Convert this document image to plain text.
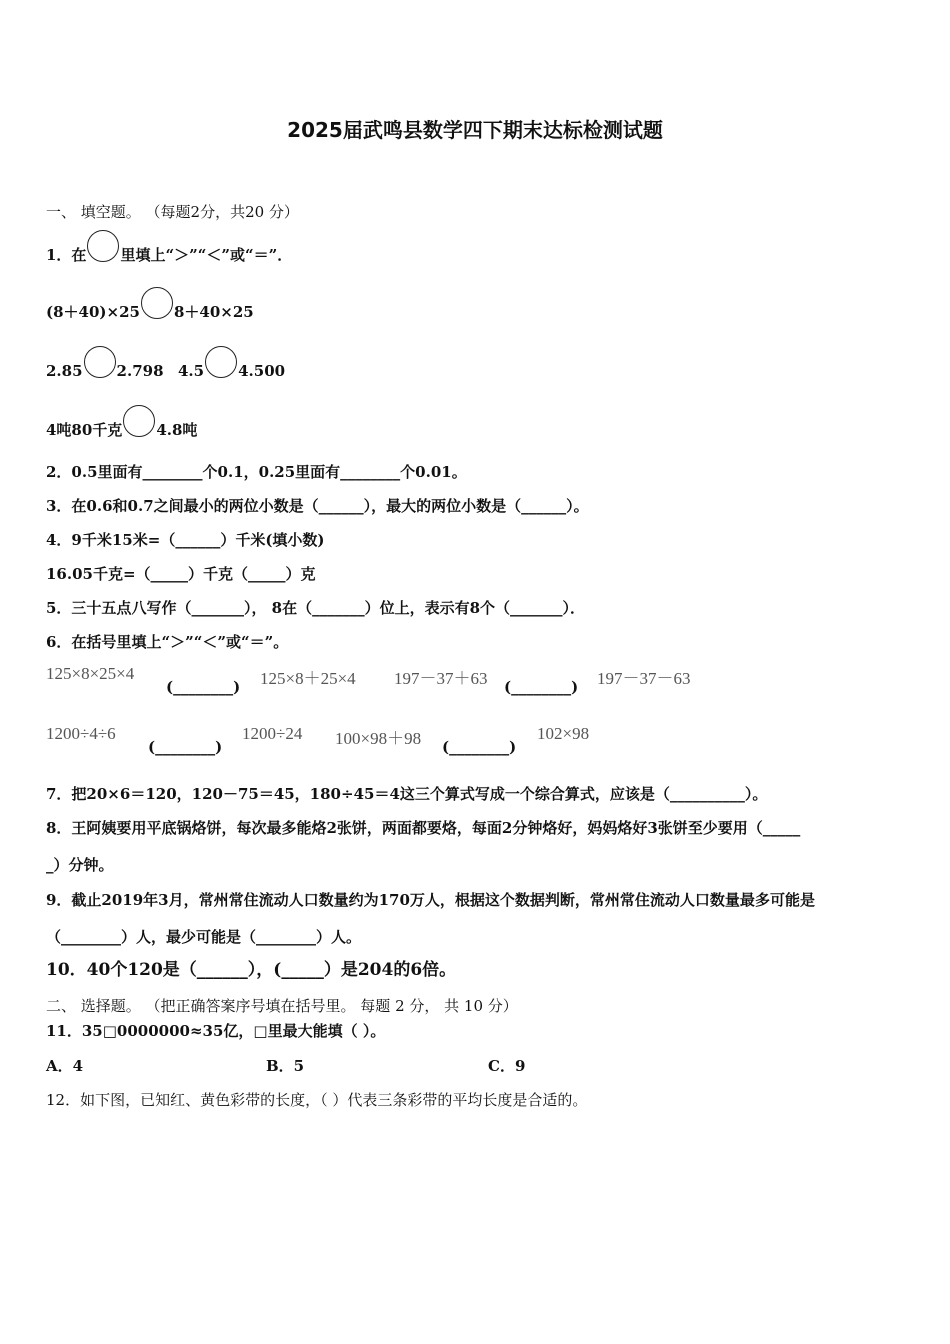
2025届武鸣县数学四下期末达标检测试题
一、 填空题。 （每题2分，共20 分）
1．在 里填上“＞”“＜”或“＝”．
(8＋40)×25 8＋40×25
2.85 2.798 4.5 4.500
4吨80千克 4.8吨
2．0.5里面有________个0.1，0.25里面有________个0.01。
3．在0.6和0.7之间最小的两位小数是（______），最大的两位小数是（______）。
4．9千米15米=（______）千米(填小数)
16.05千克=（_____）千克（_____）克
5．三十五点八写作（_______）， 8在（_______）位上，表示有8个（_______）．
6．在括号里填上“＞”“＜”或“＝”。
125×8×25×4
(________) 125×8＋25×4 197－37＋63 (________) 197－37－63
1200÷4÷6
(________)
1200÷24 100×98＋98 (________)
102×98
7．把20×6＝120，120－75＝45，180÷45＝4这三个算式写成一个综合算式，应该是（__________）。
8．王阿姨要用平底锅烙饼，每次最多能烙2张饼，两面都要烙，每面2分钟烙好，妈妈烙好3张饼至少要用（_____
_）分钟。
9．截止2019年3月，常州常住流动人口数量约为170万人，根据这个数据判断，常州常住流动人口数量最多可能是
（________）人，最少可能是（________）人。
10．40个120是（______），(_____）是204的6倍。
二、 选择题。 （把正确答案序号填在括号里。 每题 2 分， 共 10 分）
11．35□0000000≈35亿，□里最大能填（ ）。
A．4	B．5	C．9
12．如下图，已知红、黄色彩带的长度，（ ）代表三条彩带的平均长度是合适的。
